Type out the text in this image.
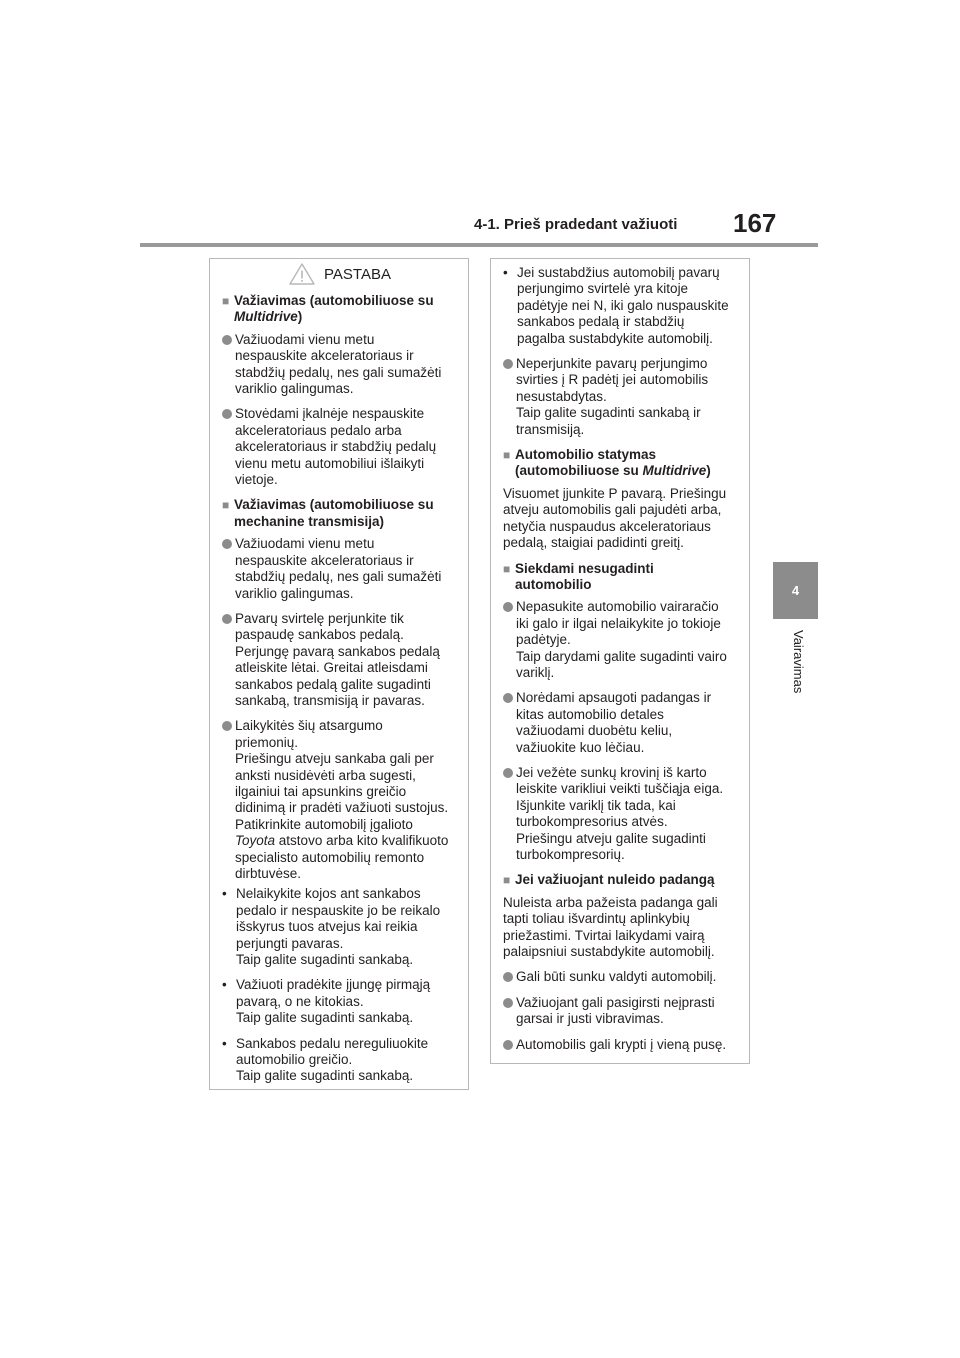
4-1. Prieš pradedant važiuoti 167
4
Vairavimas
PASTABA
■ Važiavimas (automobiliuose su
Multidrive)
Važiuodami vienu metu
nespauskite akceleratoriaus ir
stabdžių pedalų, nes gali sumažėti
variklio galingumas.
Stovėdami įkalnėje nespauskite
akceleratoriaus pedalo arba
akceleratoriaus ir stabdžių pedalų
vienu metu automobiliui išlaikyti
vietoje.
■ Važiavimas (automobiliuose su
mechanine transmisija)
Važiuodami vienu metu
nespauskite akceleratoriaus ir
stabdžių pedalų, nes gali sumažėti
variklio galingumas.
Pavarų svirtelę perjunkite tik
paspaudę sankabos pedalą.
Perjungę pavarą sankabos pedalą
atleiskite lėtai. Greitai atleisdami
sankabos pedalą galite sugadinti
sankabą, transmisiją ir pavaras.
Laikykitės šių atsargumo
priemonių.
Priešingu atveju sankaba gali per
anksti nusidėvėti arba sugesti,
ilgainiui tai apsunkins greičio
didinimą ir pradėti važiuoti sustojus.
Patikrinkite automobilį įgalioto
Toyota atstovo arba kito kvalifikuoto
specialisto automobilių remonto
dirbtuvėse.
• Nelaikykite kojos ant sankabos
pedalo ir nespauskite jo be reikalo
išskyrus tuos atvejus kai reikia
perjungti pavaras.
Taip galite sugadinti sankabą.
• Važiuoti pradėkite įjungę pirmąją
pavarą, o ne kitokias.
Taip galite sugadinti sankabą.
• Sankabos pedalu nereguliuokite
automobilio greičio.
Taip galite sugadinti sankabą.
• Jei sustabdžius automobilį pavarų
perjungimo svirtelė yra kitoje
padėtyje nei N, iki galo nuspauskite
sankabos pedalą ir stabdžių
pagalba sustabdykite automobilį.
Neperjunkite pavarų perjungimo
svirties į R padėtį jei automobilis
nesustabdytas.
Taip galite sugadinti sankabą ir
transmisiją.
■ Automobilio statymas
(automobiliuose su Multidrive)
Visuomet įjunkite P pavarą. Priešingu
atveju automobilis gali pajudėti arba,
netyčia nuspaudus akceleratoriaus
pedalą, staigiai padidinti greitį.
■ Siekdami nesugadinti
automobilio
Nepasukite automobilio vairaračio
iki galo ir ilgai nelaikykite jo tokioje
padėtyje.
Taip darydami galite sugadinti vairo
variklį.
Norėdami apsaugoti padangas ir
kitas automobilio detales
važiuodami duobėtu keliu,
važiuokite kuo lėčiau.
Jei vežėte sunkų krovinį iš karto
leiskite varikliui veikti tuščiąja eiga.
Išjunkite variklį tik tada, kai
turbokompresorius atvės.
Priešingu atveju galite sugadinti
turbokompresorių.
■ Jei važiuojant nuleido padangą
Nuleista arba pažeista padanga gali
tapti toliau išvardintų aplinkybių
priežastimi. Tvirtai laikydami vairą
palaipsniui sustabdykite automobilį.
Gali būti sunku valdyti automobilį.
Važiuojant gali pasigirsti neįprasti
garsai ir justi vibravimas.
Automobilis gali krypti į vieną pusę.
